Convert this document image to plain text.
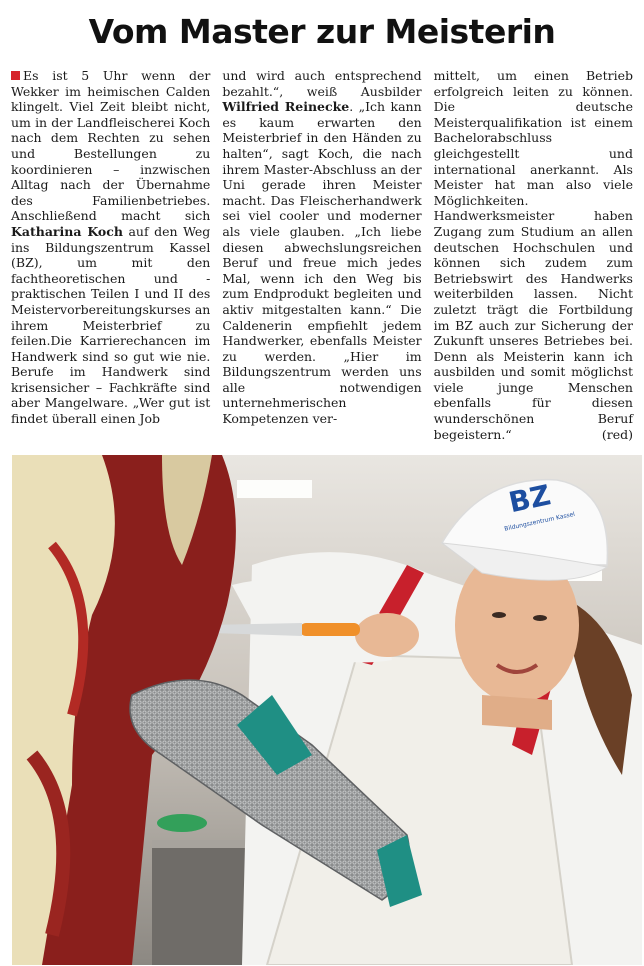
Vom Master zur Meisterin

Es ist 5 Uhr wenn der Wekker im heimischen Calden klingelt. Viel Zeit bleibt nicht, um in der Landfleischerei Koch nach dem Rechten zu sehen und Bestellungen zu koordinieren – inzwischen Alltag nach der Übernahme des Familienbetriebes. Anschließend macht sich Katharina Koch auf den Weg ins Bildungszentrum Kassel (BZ), um mit den fachtheoretischen und -praktischen Teilen I und II des Meistervorbereitungskurses an ihrem Meisterbrief zu feilen.Die Karrierechancen im Handwerk sind so gut wie nie. Berufe im Handwerk sind krisensicher – Fachkräfte sind aber Mangelware. „Wer gut ist findet überall einen Job

und wird auch entsprechend bezahlt.“, weiß Ausbilder Wilfried Reinecke. „Ich kann es kaum erwarten den Meisterbrief in den Händen zu halten“, sagt Koch, die nach ihrem Master-Abschluss an der Uni gerade ihren Meister macht. Das Fleischerhandwerk sei viel cooler und moderner als viele glauben. „Ich liebe diesen abwechslungsreichen Beruf und freue mich jedes Mal, wenn ich den Weg bis zum Endprodukt begleiten und aktiv mitgestalten kann.“ Die Caldenerin empfiehlt jedem Handwerker, ebenfalls Meister zu werden. „Hier im Bildungszentrum werden uns alle notwendigen unternehmerischen Kompetenzen ver-

mittelt, um einen Betrieb erfolgreich leiten zu können. Die deutsche Meisterqualifikation ist einem Bachelorabschluss gleichgestellt und international anerkannt. Als Meister hat man also viele Möglichkeiten. Handwerksmeister haben Zugang zum Studium an allen deutschen Hochschulen und können sich zudem zum Betriebswirt des Handwerks weiterbilden lassen. Nicht zuletzt trägt die Fortbildung im BZ auch zur Sicherung der Zukunft unseres Betriebes bei. Denn als Meisterin kann ich ausbilden und somit möglichst viele junge Menschen ebenfalls für diesen wunderschönen Beruf begeistern.“	(red)

BZ
Bildungszentrum Kassel
